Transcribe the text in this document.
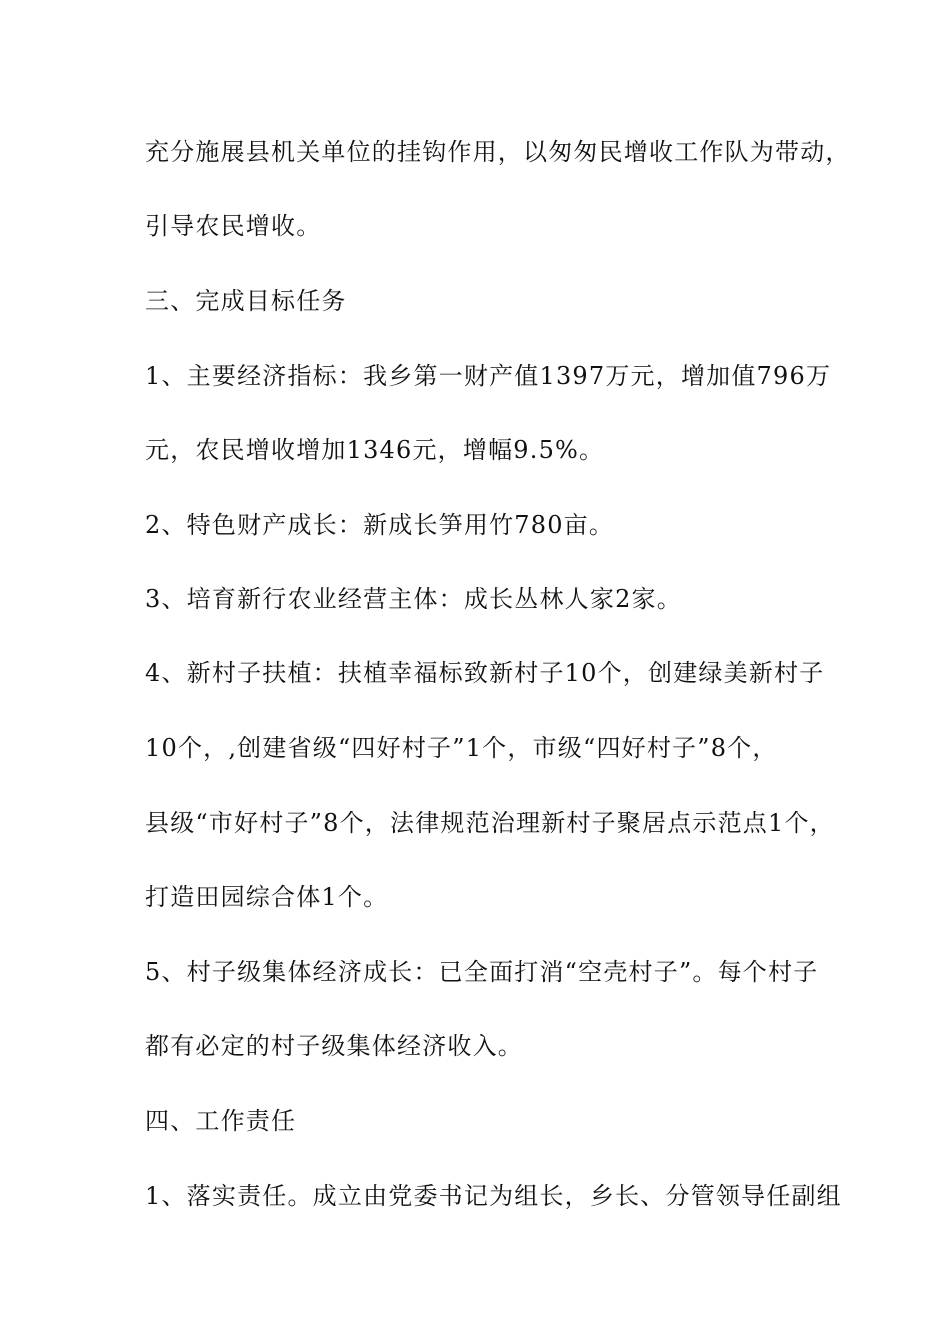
充分施展县机关单位的挂钩作用，以匆匆民增收工作队为带动，
引导农民增收。
三、完成目标任务
1、主要经济指标：我乡第一财产值1397万元，增加值796万
元，农民增收增加1346元，增幅9.5%。
2、特色财产成长：新成长笋用竹780亩。
3、培育新行农业经营主体：成长丛林人家2家。
4、新村子扶植：扶植幸福标致新村子10个，创建绿美新村子
10个，,创建省级“四好村子”1个，市级“四好村子”8个，
县级“市好村子”8个，法律规范治理新村子聚居点示范点1个，
打造田园综合体1个。
5、村子级集体经济成长：已全面打消“空壳村子”。每个村子
都有必定的村子级集体经济收入。
四、工作责任
1、落实责任。成立由党委书记为组长，乡长、分管领导任副组
